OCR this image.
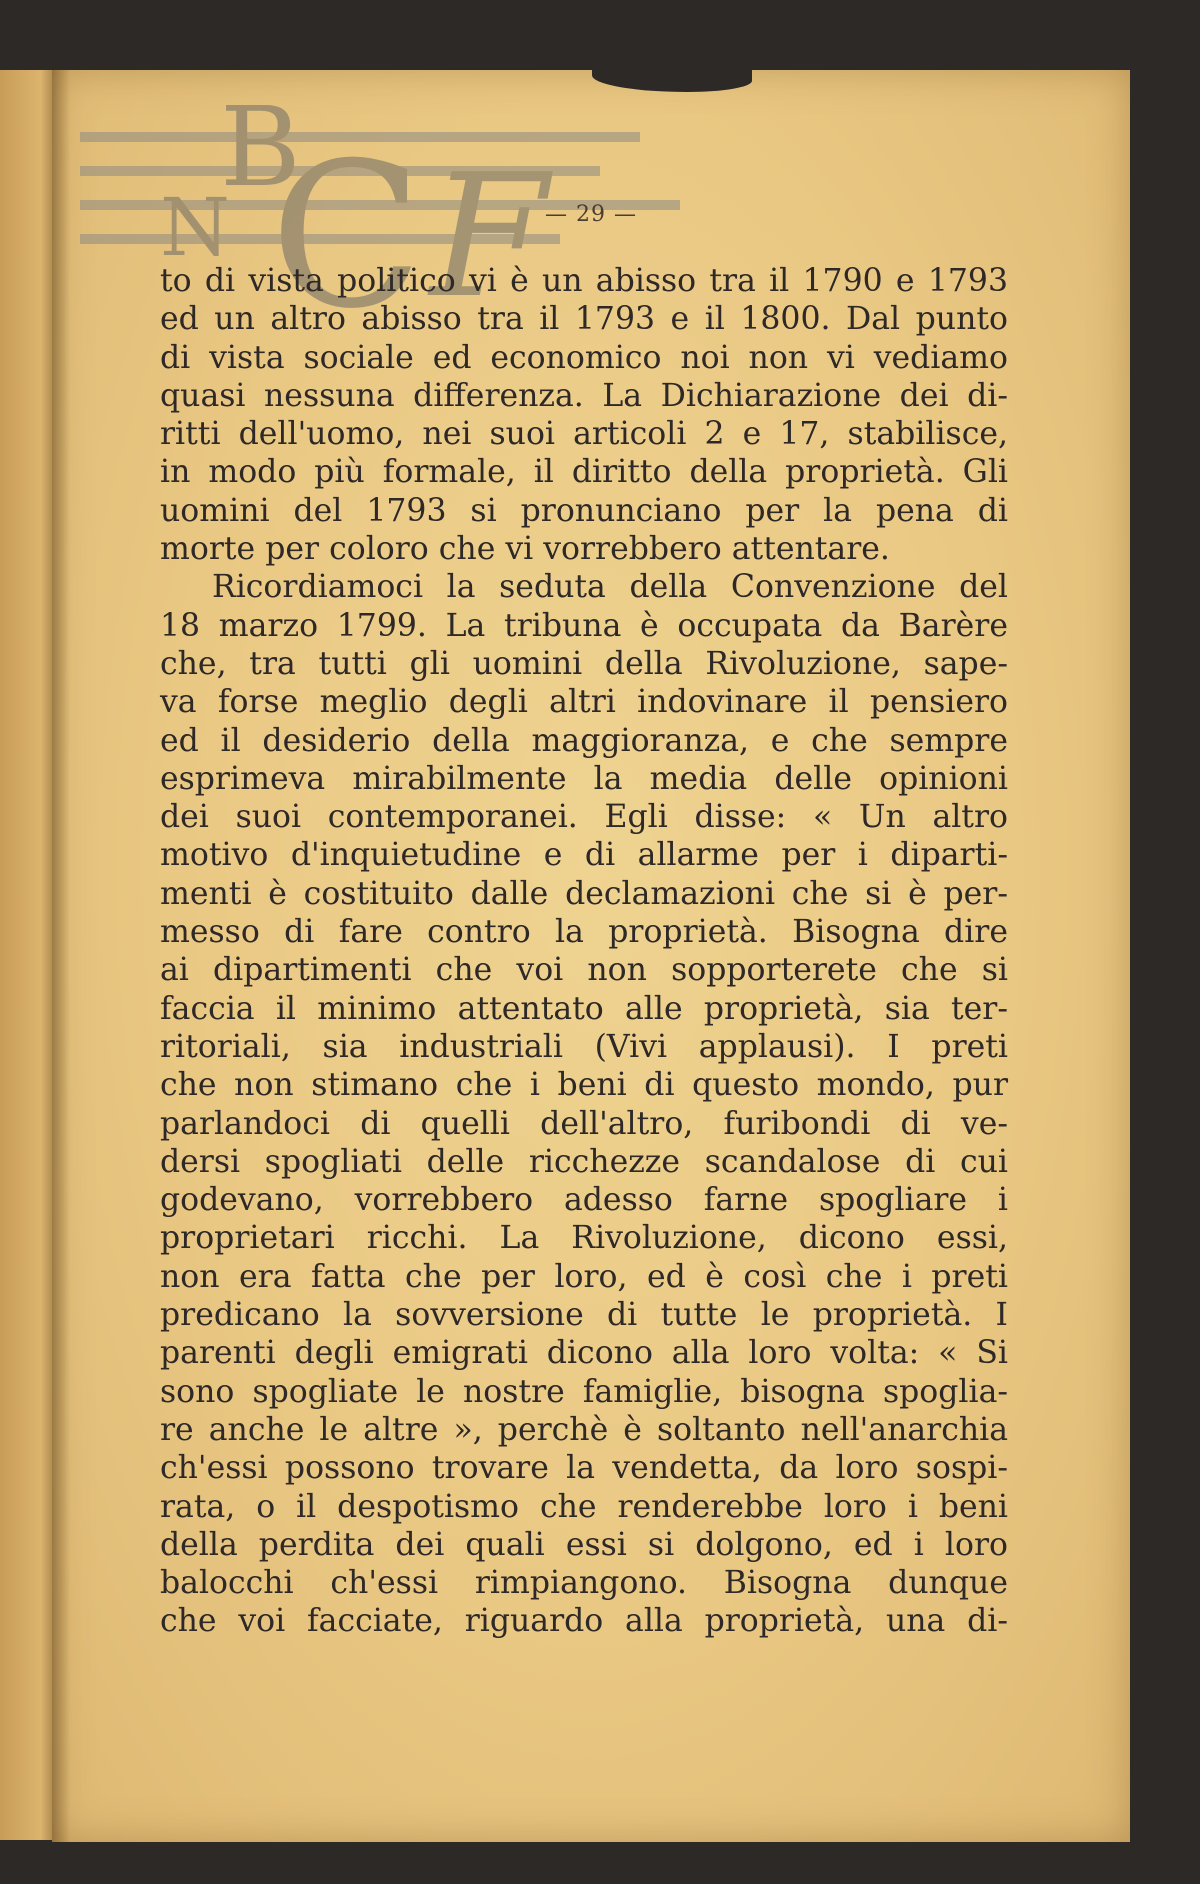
B
N C F
— 29 —
to di vista politico vi è un abisso tra il 1790 e 1793
ed un altro abisso tra il 1793 e il 1800. Dal punto
di vista sociale ed economico noi non vi vediamo
quasi nessuna differenza. La Dichiarazione dei di-
ritti dell'uomo, nei suoi articoli 2 e 17, stabilisce,
in modo più formale, il diritto della proprietà. Gli
uomini del 1793 si pronunciano per la pena di
morte per coloro che vi vorrebbero attentare.
Ricordiamoci la seduta della Convenzione del
18 marzo 1799. La tribuna è occupata da Barère
che, tra tutti gli uomini della Rivoluzione, sape-
va forse meglio degli altri indovinare il pensiero
ed il desiderio della maggioranza, e che sempre
esprimeva mirabilmente la media delle opinioni
dei suoi contemporanei. Egli disse: « Un altro
motivo d'inquietudine e di allarme per i diparti-
menti è costituito dalle declamazioni che si è per-
messo di fare contro la proprietà. Bisogna dire
ai dipartimenti che voi non sopporterete che si
faccia il minimo attentato alle proprietà, sia ter-
ritoriali, sia industriali (Vivi applausi). I preti
che non stimano che i beni di questo mondo, pur
parlandoci di quelli dell'altro, furibondi di ve-
dersi spogliati delle ricchezze scandalose di cui
godevano, vorrebbero adesso farne spogliare i
proprietari ricchi. La Rivoluzione, dicono essi,
non era fatta che per loro, ed è così che i preti
predicano la sovversione di tutte le proprietà. I
parenti degli emigrati dicono alla loro volta: « Si
sono spogliate le nostre famiglie, bisogna spoglia-
re anche le altre », perchè è soltanto nell'anarchia
ch'essi possono trovare la vendetta, da loro sospi-
rata, o il despotismo che renderebbe loro i beni
della perdita dei quali essi si dolgono, ed i loro
balocchi ch'essi rimpiangono. Bisogna dunque
che voi facciate, riguardo alla proprietà, una di-
